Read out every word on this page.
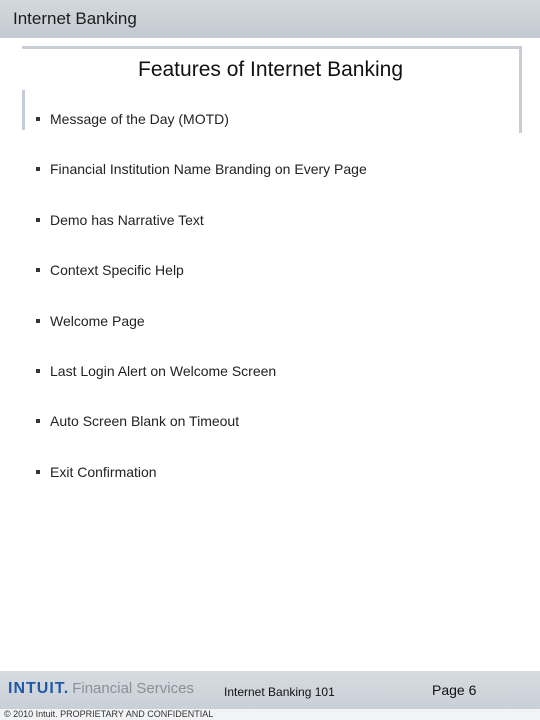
Internet Banking
Features of Internet Banking
Message of the Day (MOTD)
Financial Institution Name Branding on Every Page
Demo has Narrative Text
Context Specific Help
Welcome Page
Last Login Alert on Welcome Screen
Auto Screen Blank on Timeout
Exit Confirmation
INTUIT. Financial Services	Internet Banking 101	Page 6
© 2010 Intuit. PROPRIETARY AND CONFIDENTIAL
